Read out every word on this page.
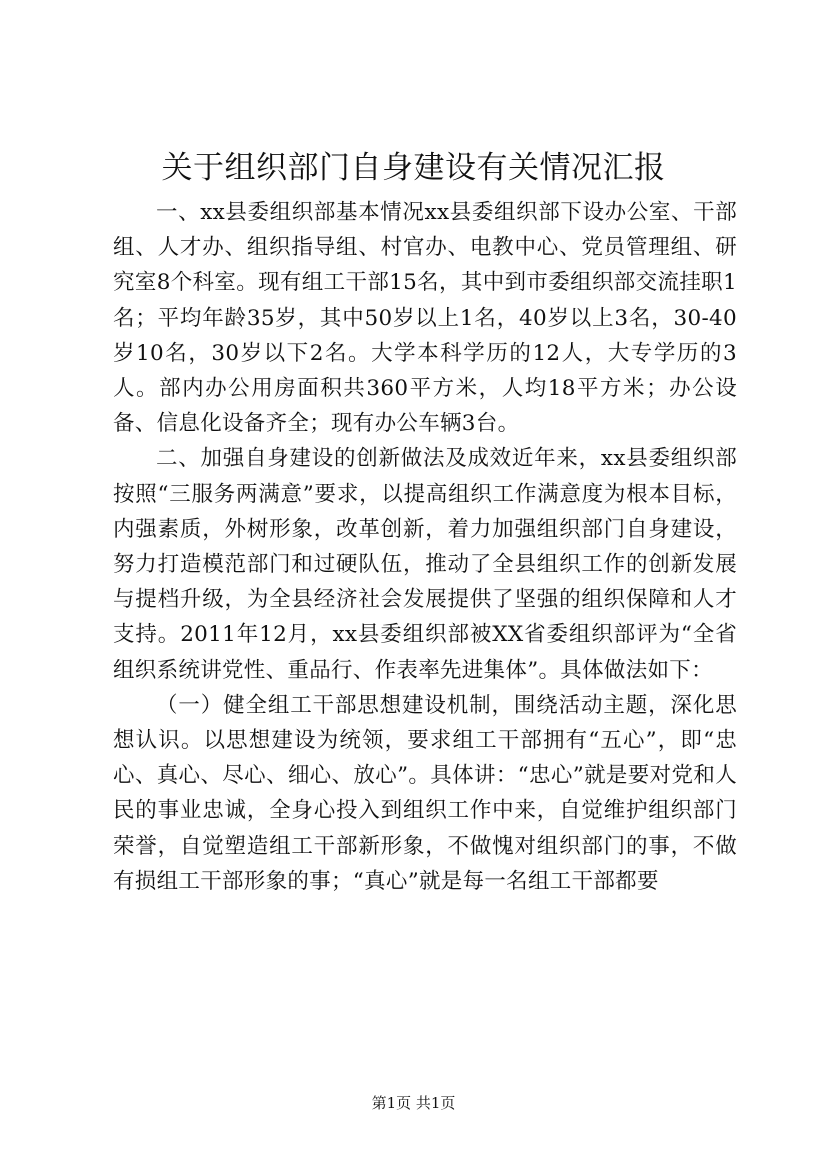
关于组织部门自身建设有关情况汇报

一、xx县委组织部基本情况xx县委组织部下设办公室、干部组、人才办、组织指导组、村官办、电教中心、党员管理组、研究室8个科室。现有组工干部15名，其中到市委组织部交流挂职1名；平均年龄35岁，其中50岁以上1名，40岁以上3名，30-40岁10名，30岁以下2名。大学本科学历的12人，大专学历的3人。部内办公用房面积共360平方米，人均18平方米；办公设备、信息化设备齐全；现有办公车辆3台。

二、加强自身建设的创新做法及成效近年来，xx县委组织部按照“三服务两满意”要求，以提高组织工作满意度为根本目标，内强素质，外树形象，改革创新，着力加强组织部门自身建设，努力打造模范部门和过硬队伍，推动了全县组织工作的创新发展与提档升级，为全县经济社会发展提供了坚强的组织保障和人才支持。2011年12月，xx县委组织部被XX省委组织部评为“全省组织系统讲党性、重品行、作表率先进集体”。具体做法如下：

（一）健全组工干部思想建设机制，围绕活动主题，深化思想认识。以思想建设为统领，要求组工干部拥有“五心”，即“忠心、真心、尽心、细心、放心”。具体讲：“忠心”就是要对党和人民的事业忠诚，全身心投入到组织工作中来，自觉维护组织部门荣誉，自觉塑造组工干部新形象，不做愧对组织部门的事，不做有损组工干部形象的事；“真心”就是每一名组工干部都要

第1页 共1页
